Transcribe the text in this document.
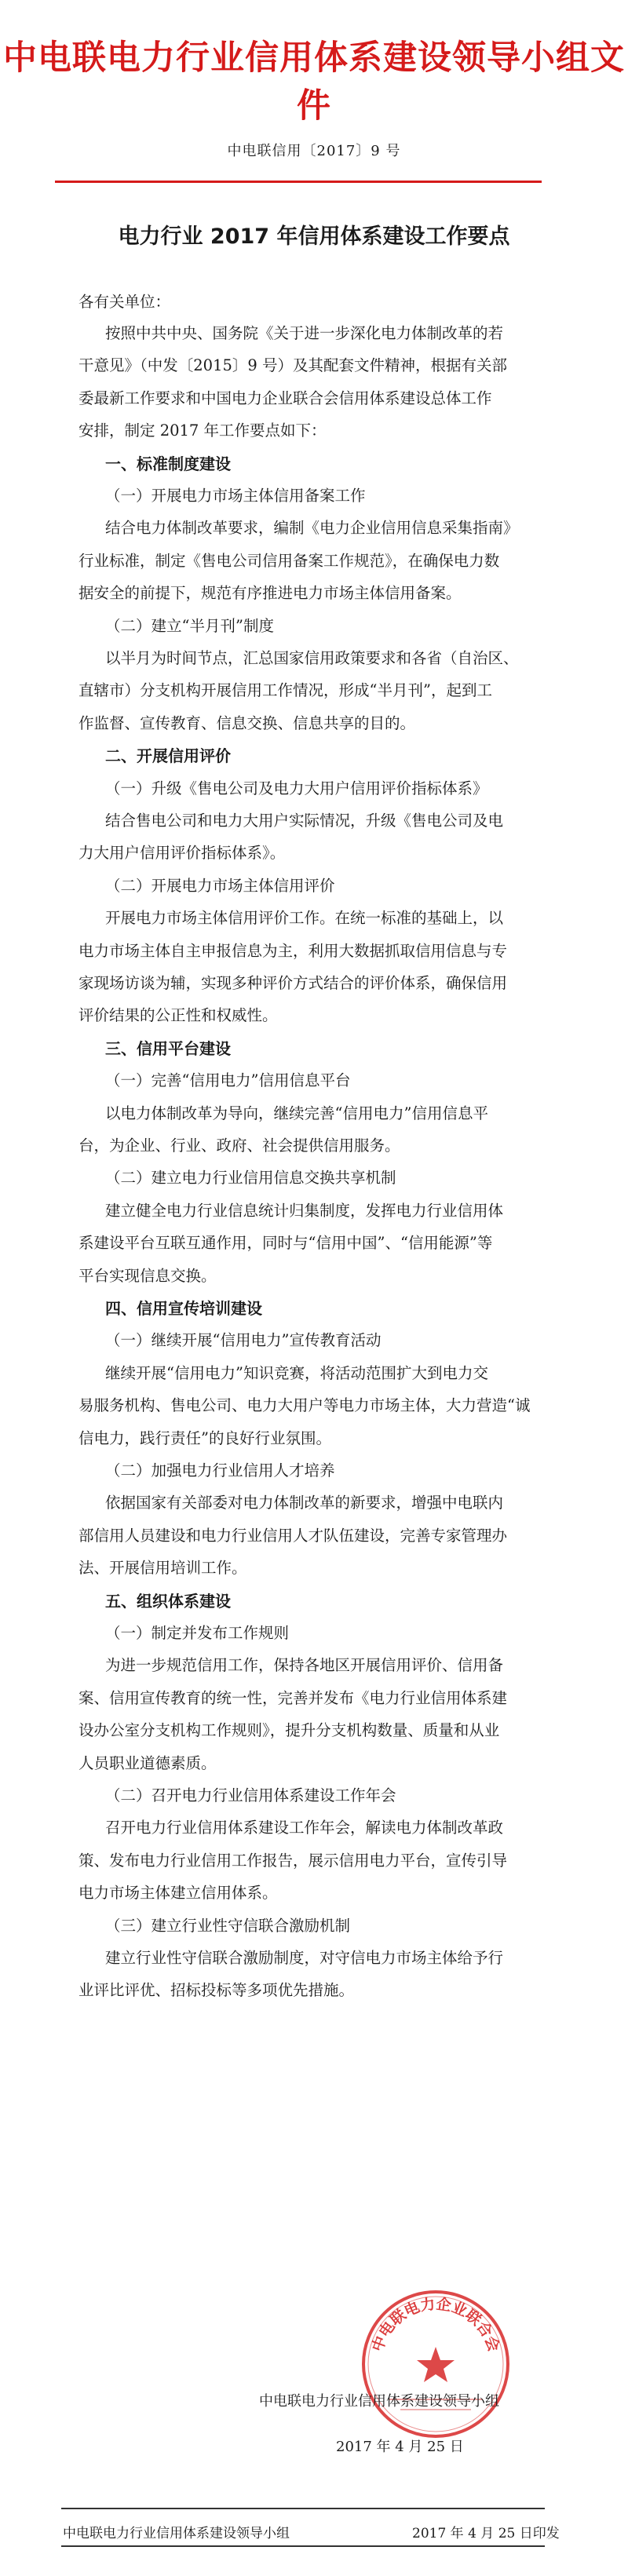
中电联电力行业信用体系建设领导小组文件
中电联信用〔2017〕9 号
电力行业 2017 年信用体系建设工作要点
各有关单位：
按照中共中央、国务院《关于进一步深化电力体制改革的若
干意见》（中发〔2015〕9 号）及其配套文件精神，根据有关部
委最新工作要求和中国电力企业联合会信用体系建设总体工作
安排，制定 2017 年工作要点如下：
一、标准制度建设
（一）开展电力市场主体信用备案工作
结合电力体制改革要求，编制《电力企业信用信息采集指南》
行业标准，制定《售电公司信用备案工作规范》，在确保电力数
据安全的前提下，规范有序推进电力市场主体信用备案。
（二）建立“半月刊”制度
以半月为时间节点，汇总国家信用政策要求和各省（自治区、
直辖市）分支机构开展信用工作情况，形成“半月刊”，起到工
作监督、宣传教育、信息交换、信息共享的目的。
二、开展信用评价
（一）升级《售电公司及电力大用户信用评价指标体系》
结合售电公司和电力大用户实际情况，升级《售电公司及电
力大用户信用评价指标体系》。
（二）开展电力市场主体信用评价
开展电力市场主体信用评价工作。在统一标准的基础上，以
电力市场主体自主申报信息为主，利用大数据抓取信用信息与专
家现场访谈为辅，实现多种评价方式结合的评价体系，确保信用
评价结果的公正性和权威性。
三、信用平台建设
（一）完善“信用电力”信用信息平台
以电力体制改革为导向，继续完善“信用电力”信用信息平
台，为企业、行业、政府、社会提供信用服务。
（二）建立电力行业信用信息交换共享机制
建立健全电力行业信息统计归集制度，发挥电力行业信用体
系建设平台互联互通作用，同时与“信用中国”、“信用能源”等
平台实现信息交换。
四、信用宣传培训建设
（一）继续开展“信用电力”宣传教育活动
继续开展“信用电力”知识竞赛，将活动范围扩大到电力交
易服务机构、售电公司、电力大用户等电力市场主体，大力营造“诚
信电力，践行责任”的良好行业氛围。
（二）加强电力行业信用人才培养
依据国家有关部委对电力体制改革的新要求，增强中电联内
部信用人员建设和电力行业信用人才队伍建设，完善专家管理办
法、开展信用培训工作。
五、组织体系建设
（一）制定并发布工作规则
为进一步规范信用工作，保持各地区开展信用评价、信用备
案、信用宣传教育的统一性，完善并发布《电力行业信用体系建
设办公室分支机构工作规则》，提升分支机构数量、质量和从业
人员职业道德素质。
（二）召开电力行业信用体系建设工作年会
召开电力行业信用体系建设工作年会，解读电力体制改革政
策、发布电力行业信用工作报告，展示信用电力平台，宣传引导
电力市场主体建立信用体系。
（三）建立行业性守信联合激励机制
建立行业性守信联合激励制度，对守信电力市场主体给予行
业评比评优、招标投标等多项优先措施。
中电联电力企业联合会
中电联电力行业信用体系建设领导小组
2017 年 4 月 25 日
中电联电力行业信用体系建设领导小组	2017 年 4 月 25 日印发
